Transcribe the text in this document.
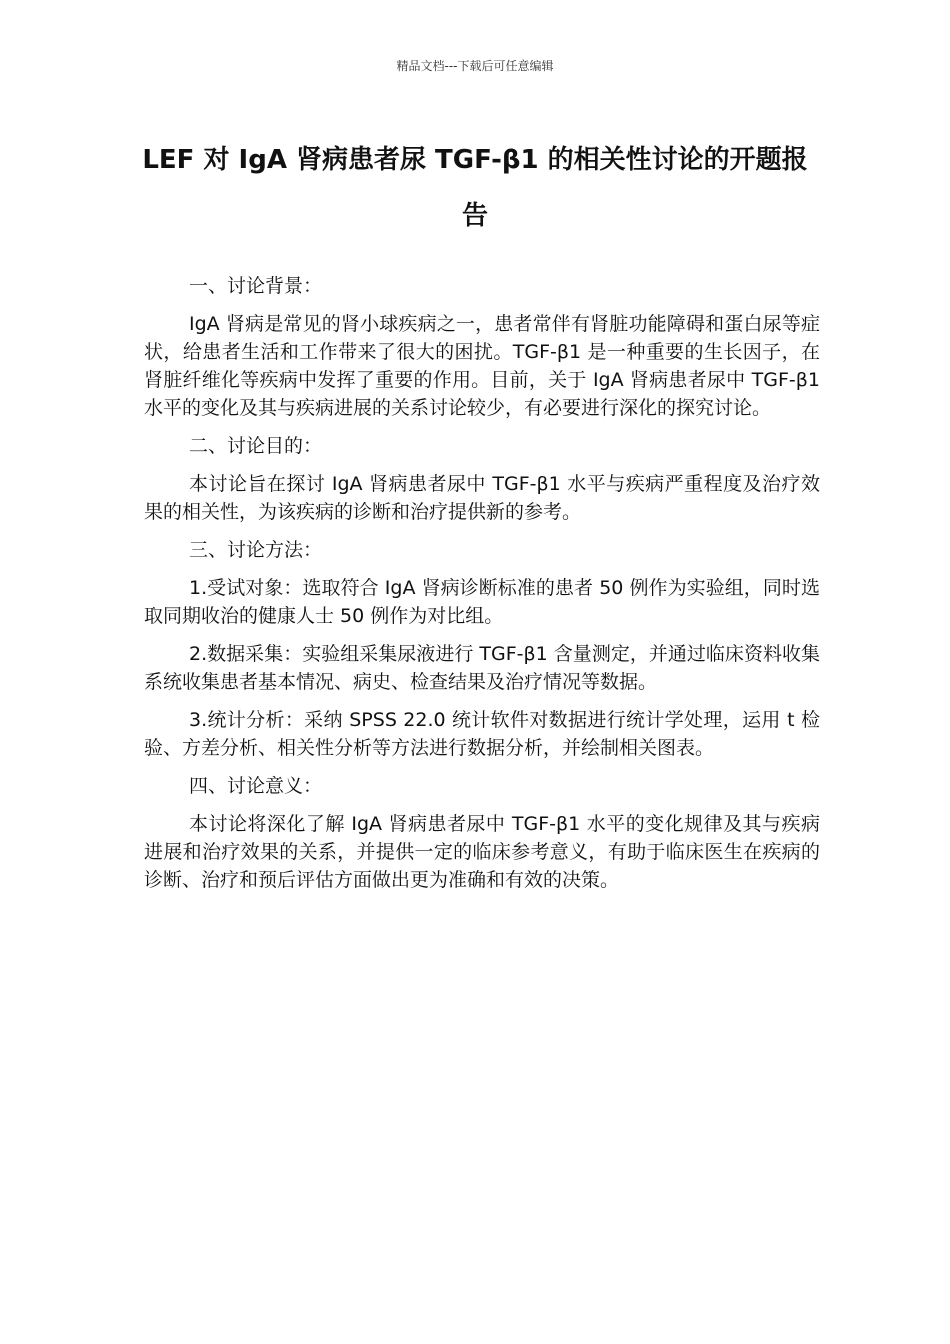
精品文档---下载后可任意编辑
LEF 对 IgA 肾病患者尿 TGF-β1 的相关性讨论的开题报告

一、讨论背景：

IgA 肾病是常见的肾小球疾病之一，患者常伴有肾脏功能障碍和蛋白尿等症状，给患者生活和工作带来了很大的困扰。TGF-β1 是一种重要的生长因子，在肾脏纤维化等疾病中发挥了重要的作用。目前，关于 IgA 肾病患者尿中 TGF-β1 水平的变化及其与疾病进展的关系讨论较少，有必要进行深化的探究讨论。

二、讨论目的：

本讨论旨在探讨 IgA 肾病患者尿中 TGF-β1 水平与疾病严重程度及治疗效果的相关性，为该疾病的诊断和治疗提供新的参考。

三、讨论方法：

1.受试对象：选取符合 IgA 肾病诊断标准的患者 50 例作为实验组，同时选取同期收治的健康人士 50 例作为对比组。

2.数据采集：实验组采集尿液进行 TGF-β1 含量测定，并通过临床资料收集系统收集患者基本情况、病史、检查结果及治疗情况等数据。

3.统计分析：采纳 SPSS 22.0 统计软件对数据进行统计学处理，运用 t 检验、方差分析、相关性分析等方法进行数据分析，并绘制相关图表。

四、讨论意义：

本讨论将深化了解 IgA 肾病患者尿中 TGF-β1 水平的变化规律及其与疾病进展和治疗效果的关系，并提供一定的临床参考意义，有助于临床医生在疾病的诊断、治疗和预后评估方面做出更为准确和有效的决策。
